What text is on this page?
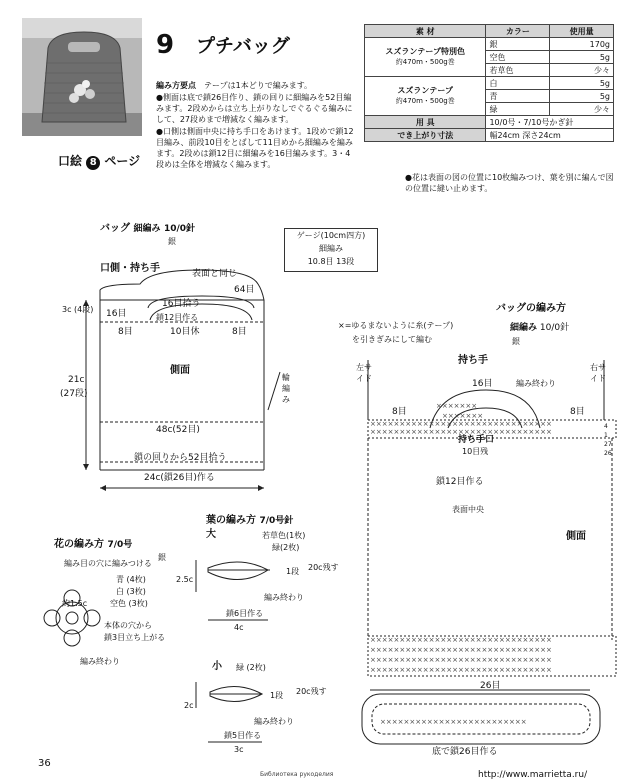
9 プチバッグ
口絵 8 ページ

編み方要点　 テープは1本どりで編みます。

●側面は底で鎖26目作り、鎖の回りに細編みを52目編みます。2段めからは立ち上がりなしでぐるぐる編みにして、27段めまで増減なく編みます。

●口側は側面中央に持ち手口をあけます。1段めで鎖12目編み、前段10目をとばして11目めから細編みを編みます。2段めは鎖12目に細編みを16目編みます。3・4段めは全体を増減なく編みます。

素 材	カラー	使用量

スズランテープ特別色
約470m・500g巻	銀	170g
	空色	5g
	若草色	少々

スズランテープ
約470m・500g巻	白	5g
	青	5g
	緑	少々
用 具	10/0号・7/10号かぎ針	
でき上がり寸法	幅24cm 深さ24cm	
●花は表面の図の位置に10枚編みつけ、葉を別に編んで図の位置に縫い止めます。
ゲージ(10cm四方)
細編み
10.8目 13段
バッグ 細編み 10/0針
銀
口側・持ち手
×××××××××××××××××××××××××××××××
×××××××××××××××××××××××××××××××
×××××××××××××××××××××××××××××××
×××××××××××××××××××××××××××××××
×××××××××××××××××××××××××××××××
×××××××××××××××××××××××××××××××
×××××××
×××××××
×××××××××××××××××××××××××
表面と同じ
64目
16目拾う
鎖12目作る
16目
8目	10目休	8目
3c (4段)
21c
(27段)
側面
輪編み
48c(52目)
鎖の回りから52目拾う
24c(鎖26目)作る
花の編み方 7/0号
銀
編み目の穴に編みつける
青 (4枚)
白 (3枚)
空色 (3枚)
約1.5c
本体の穴から
鎖3目立ち上がる
編み終わり
葉の編み方 7/0号針
大	若草色(1枚)
緑(2枚)
2.5c
1段 20c残す
編み終わり
鎖6目作る
4c
小 緑 (2枚)
2c
1段 20c残す
編み終わり
鎖5目作る
3c
バッグの編み方
細編み 10/0針
銀
×=ゆるまないように糸(テープ)
を引きぎみにして編む
持ち手
左サイド
右サイド
16目	編み終わり
8目	8目
持ち手口
10目残
鎖12目作る
表面中央
側面
26目
底で鎖26目作る
4
1
27
26
36
Библиотека рукоделия	http://www.marrietta.ru/
